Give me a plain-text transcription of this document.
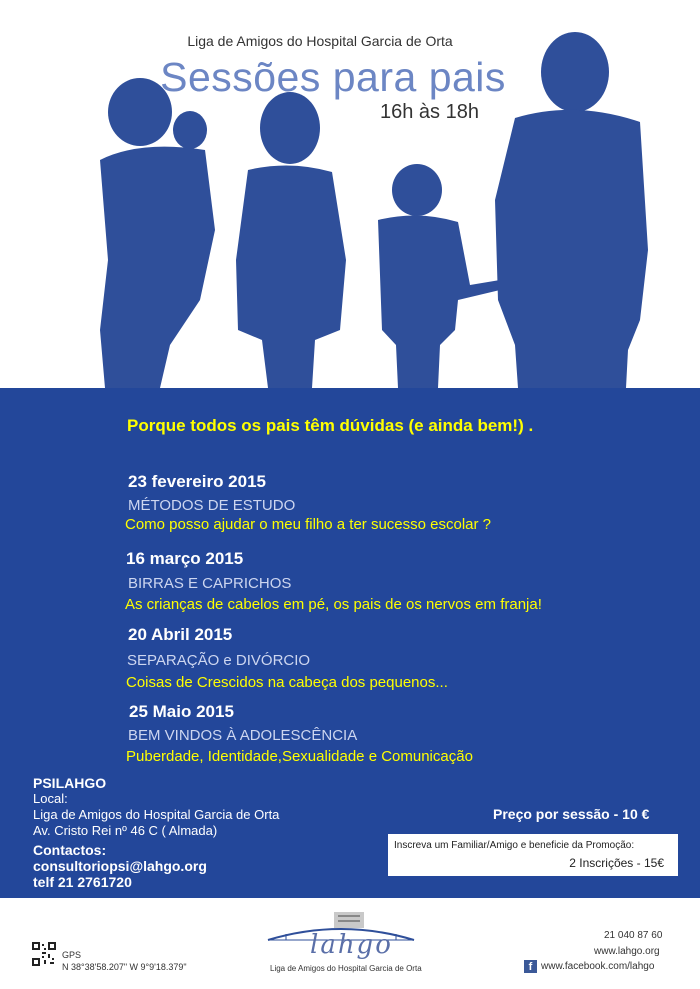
Liga de Amigos do Hospital Garcia de Orta
Sessões para pais
16h às 18h
Porque todos os pais têm dúvidas (e ainda bem!) .
23 fevereiro 2015
MÉTODOS DE ESTUDO
Como posso ajudar o meu filho a ter sucesso escolar ?
16 março 2015
BIRRAS E CAPRICHOS
As crianças de cabelos em pé, os pais de os nervos em franja!
20 Abril 2015
SEPARAÇÃO e DIVÓRCIO
Coisas de Crescidos na cabeça dos pequenos...
25 Maio 2015
BEM VINDOS À ADOLESCÊNCIA
Puberdade, Identidade,Sexualidade e Comunicação
PSILAHGO
Local:
Liga de Amigos do Hospital Garcia de Orta
Av. Cristo Rei nº 46 C ( Almada)
Contactos:
consultoriopsi@lahgo.org
telf 21 2761720
Preço por sessão - 10 €
Inscreva um Familiar/Amigo e beneficie da Promoção:
2 Inscrições - 15€
GPS
N 38°38'58.207" W 9°9'18.379"
lahgo
Liga de Amigos do Hospital Garcia de Orta
21 040 87 60
www.lahgo.org
f www.facebook.com/lahgo
